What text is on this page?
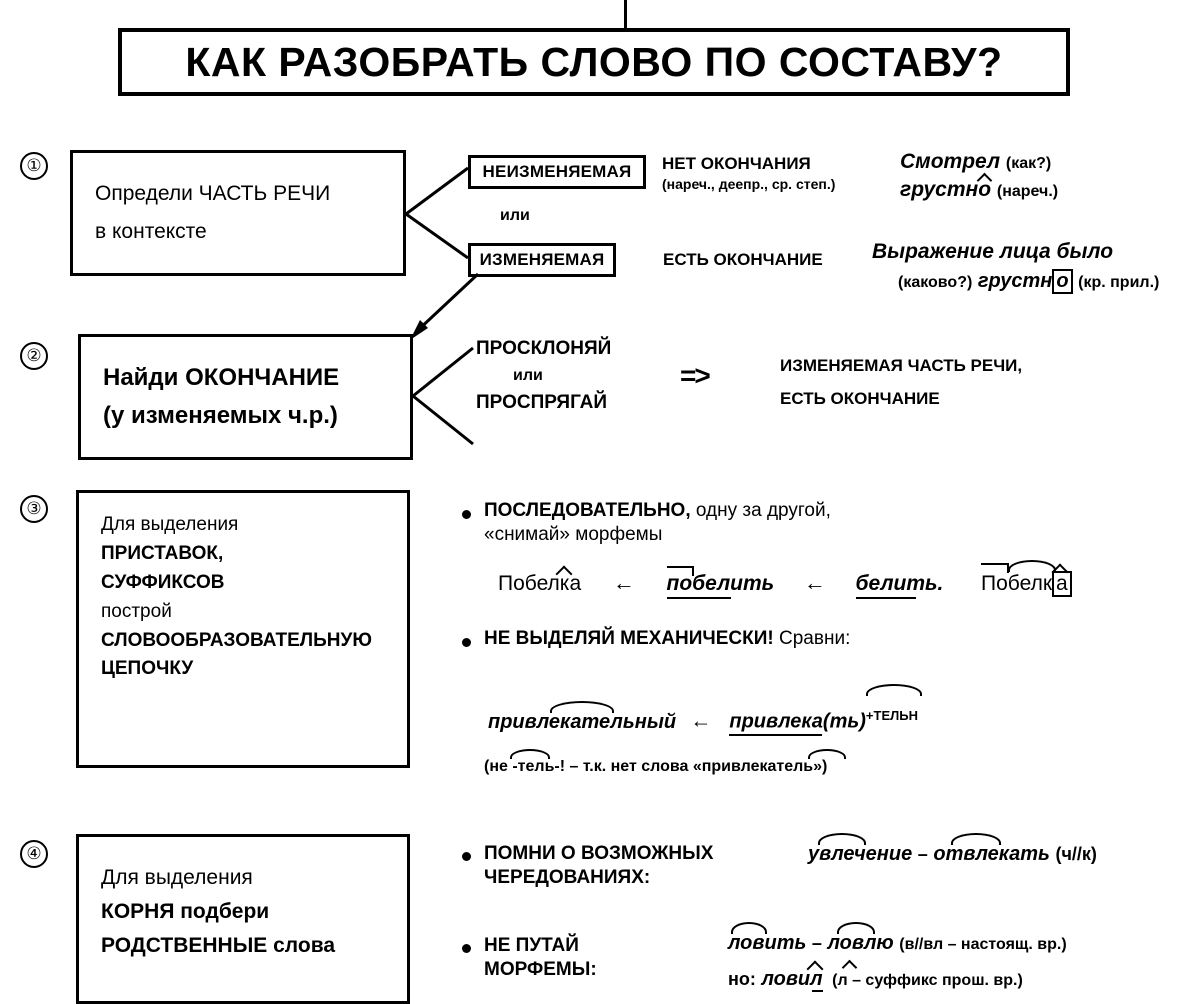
КАК РАЗОБРАТЬ СЛОВО ПО СОСТАВУ?
①
Определи ЧАСТЬ РЕЧИ
в контексте
НЕИЗМЕНЯЕМАЯ
или
ИЗМЕНЯЕМАЯ
НЕТ ОКОНЧАНИЯ
(нареч., деепр., ср. степ.)
Смотрел (как?)
грустно (нареч.)
ЕСТЬ ОКОНЧАНИЕ Выражение лица было
(каково?) грустн о (кр. прил.)
②
Найди ОКОНЧАНИЕ
(у изменяемых ч.р.)
ПРОСКЛОНЯЙ
или
ПРОСПРЯГАЙ
=>	ИЗМЕНЯЕМАЯ ЧАСТЬ РЕЧИ,
ЕСТЬ ОКОНЧАНИЕ
③
Для выделения
ПРИСТАВОК,
СУФФИКСОВ
построй
СЛОВООБРАЗОВАТЕЛЬНУЮ
ЦЕПОЧКУ
ПОСЛЕДОВАТЕЛЬНО, одну за другой,
«снимай» морфемы
Побелка ← побелить ← белить. Побелк а
НЕ ВЫДЕЛЯЙ МЕХАНИЧЕСКИ! Сравни:
привлекательный ← привлека(ть)$^{+ТЕЛЬН}$
(не -тель-! – т.к. нет слова «привлекатель»)
④
Для выделения
КОРНЯ подбери
РОДСТВЕННЫЕ слова
ПОМНИ О ВОЗМОЖНЫХ
ЧЕРЕДОВАНИЯХ:
увлечение – отвлекать (ч//к)
НЕ ПУТАЙ
МОРФЕМЫ:
ловить – ловлю (в//вл – настоящ. вр.)
но: ловил (л – суффикс прош. вр.)
